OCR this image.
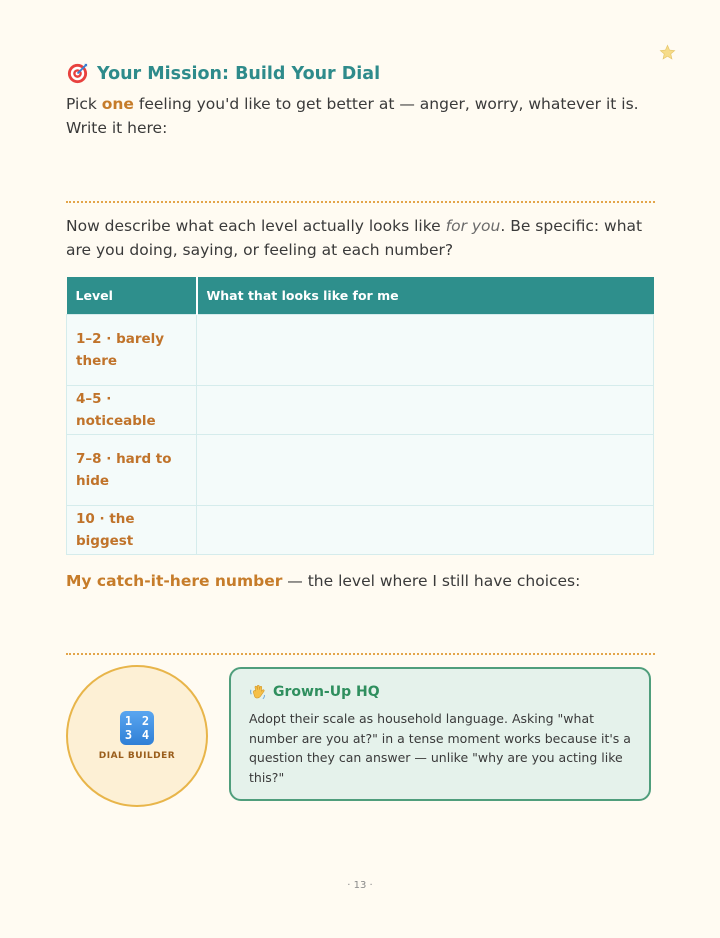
Your Mission: Build Your Dial

Pick one feeling you'd like to get better at — anger, worry, whatever it is. Write it here:

Now describe what each level actually looks like for you. Be specific: what are you doing, saying, or feeling at each number?

Level	What that looks like for me
1–2 · barely there	
4–5 · noticeable	
7–8 · hard to hide	
10 · the biggest	

My catch-it-here number — the level where I still have choices:

1 2
3 4
DIAL BUILDER
Grown-Up HQ

Adopt their scale as household language. Asking "what number are you at?" in a tense moment works because it's a question they can answer — unlike "why are you acting like this?"

· 13 ·
